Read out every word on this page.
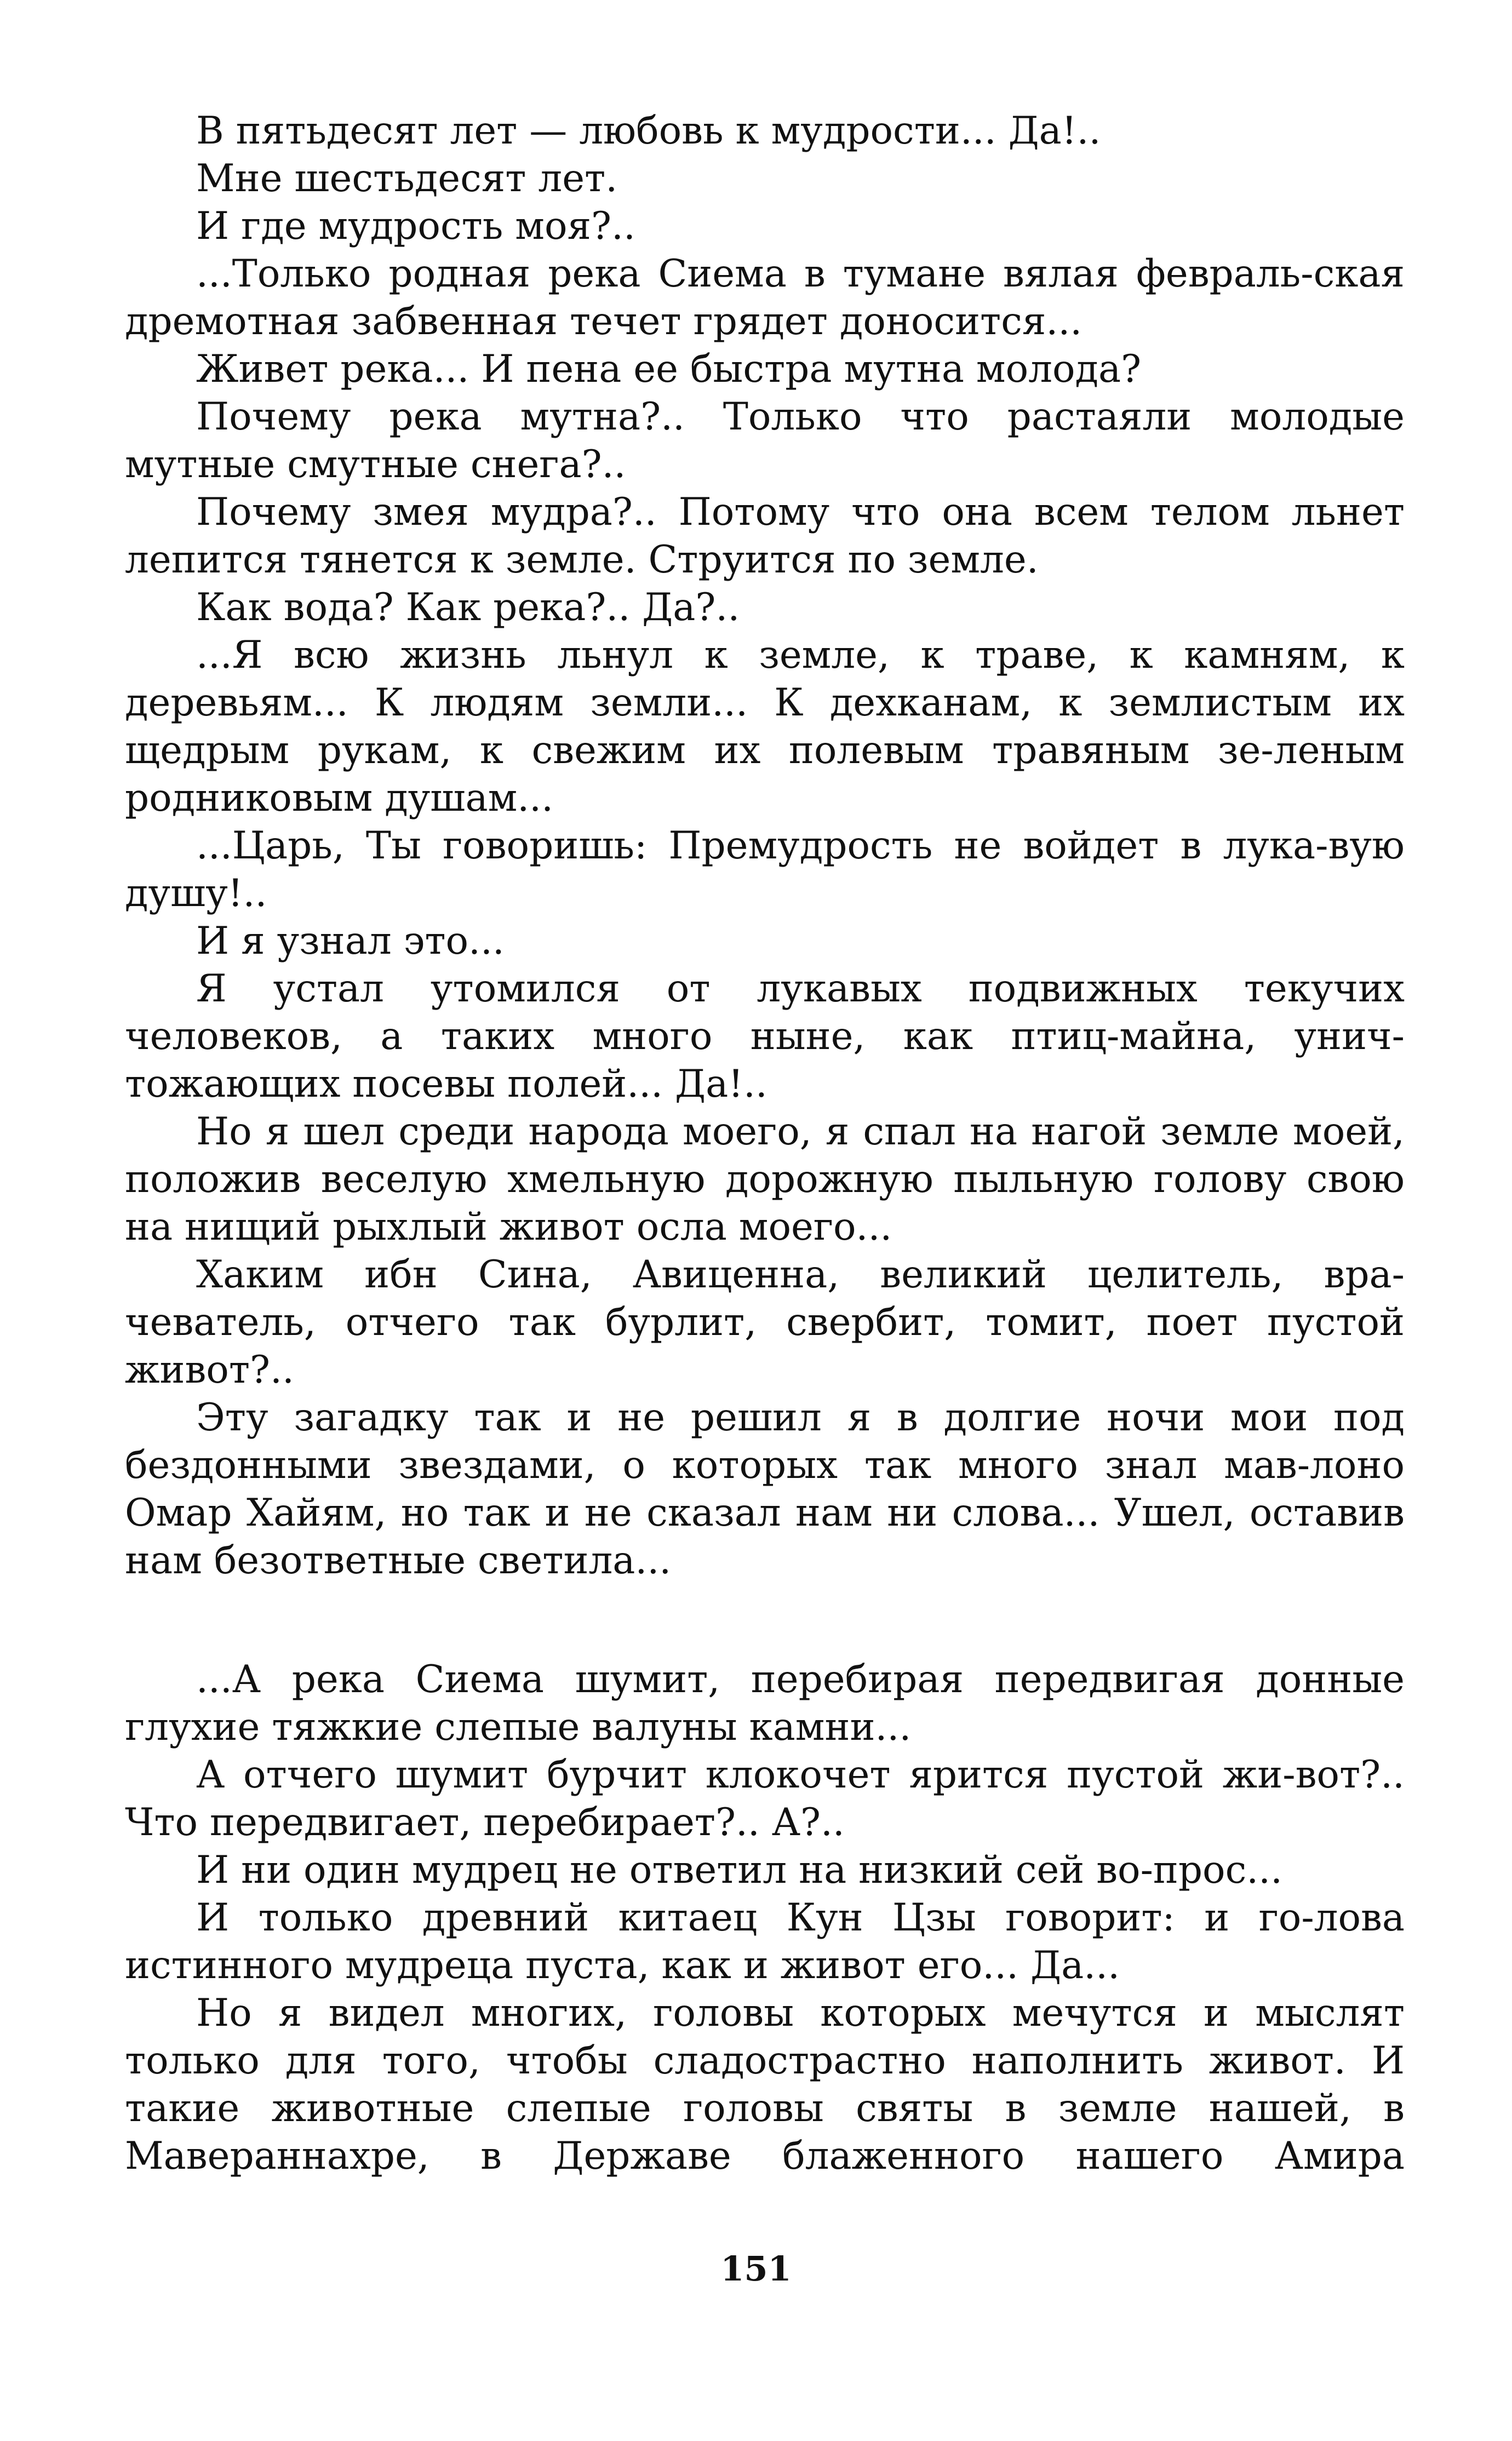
В пятьдесят лет — любовь к мудрости... Да!..

Мне шестьдесят лет.

И где мудрость моя?..

...Только родная река Сиема в тумане вялая февраль-ская дремотная забвенная течет грядет доносится...

Живет река... И пена ее быстра мутна молода?

Почему река мутна?.. Только что растаяли молодые мутные смутные снега?..

Почему змея мудра?.. Потому что она всем телом льнет лепится тянется к земле. Струится по земле.

Как вода? Как река?.. Да?..

...Я всю жизнь льнул к земле, к траве, к камням, к деревьям... К людям земли... К дехканам, к землистым их щедрым рукам, к свежим их полевым травяным зе-леным родниковым душам...

...Царь, Ты говоришь: Премудрость не войдет в лука-вую душу!..

И я узнал это...

Я устал утомился от лукавых подвижных текучих человеков, а таких много ныне, как птиц-майна, унич-тожающих посевы полей... Да!..

Но я шел среди народа моего, я спал на нагой земле моей, положив веселую хмельную дорожную пыльную голову свою на нищий рыхлый живот осла моего...

Хаким ибн Сина, Авиценна, великий целитель, вра-чеватель, отчего так бурлит, свербит, томит, поет пустой живот?..

Эту загадку так и не решил я в долгие ночи мои под бездонными звездами, о которых так много знал мав-лоно Омар Хайям, но так и не сказал нам ни слова... Ушел, оставив нам безответные светила...

...А река Сиема шумит, перебирая передвигая донные глухие тяжкие слепые валуны камни...

А отчего шумит бурчит клокочет ярится пустой жи-вот?.. Что передвигает, перебирает?.. А?..

И ни один мудрец не ответил на низкий сей во-прос...

И только древний китаец Кун Цзы говорит: и го-лова истинного мудреца пуста, как и живот его... Да...

Но я видел многих, головы которых мечутся и мыслят только для того, чтобы сладострастно наполнить живот. И такие животные слепые головы святы в земле нашей, в Мавераннахре, в Державе блаженного нашего Амира

151
